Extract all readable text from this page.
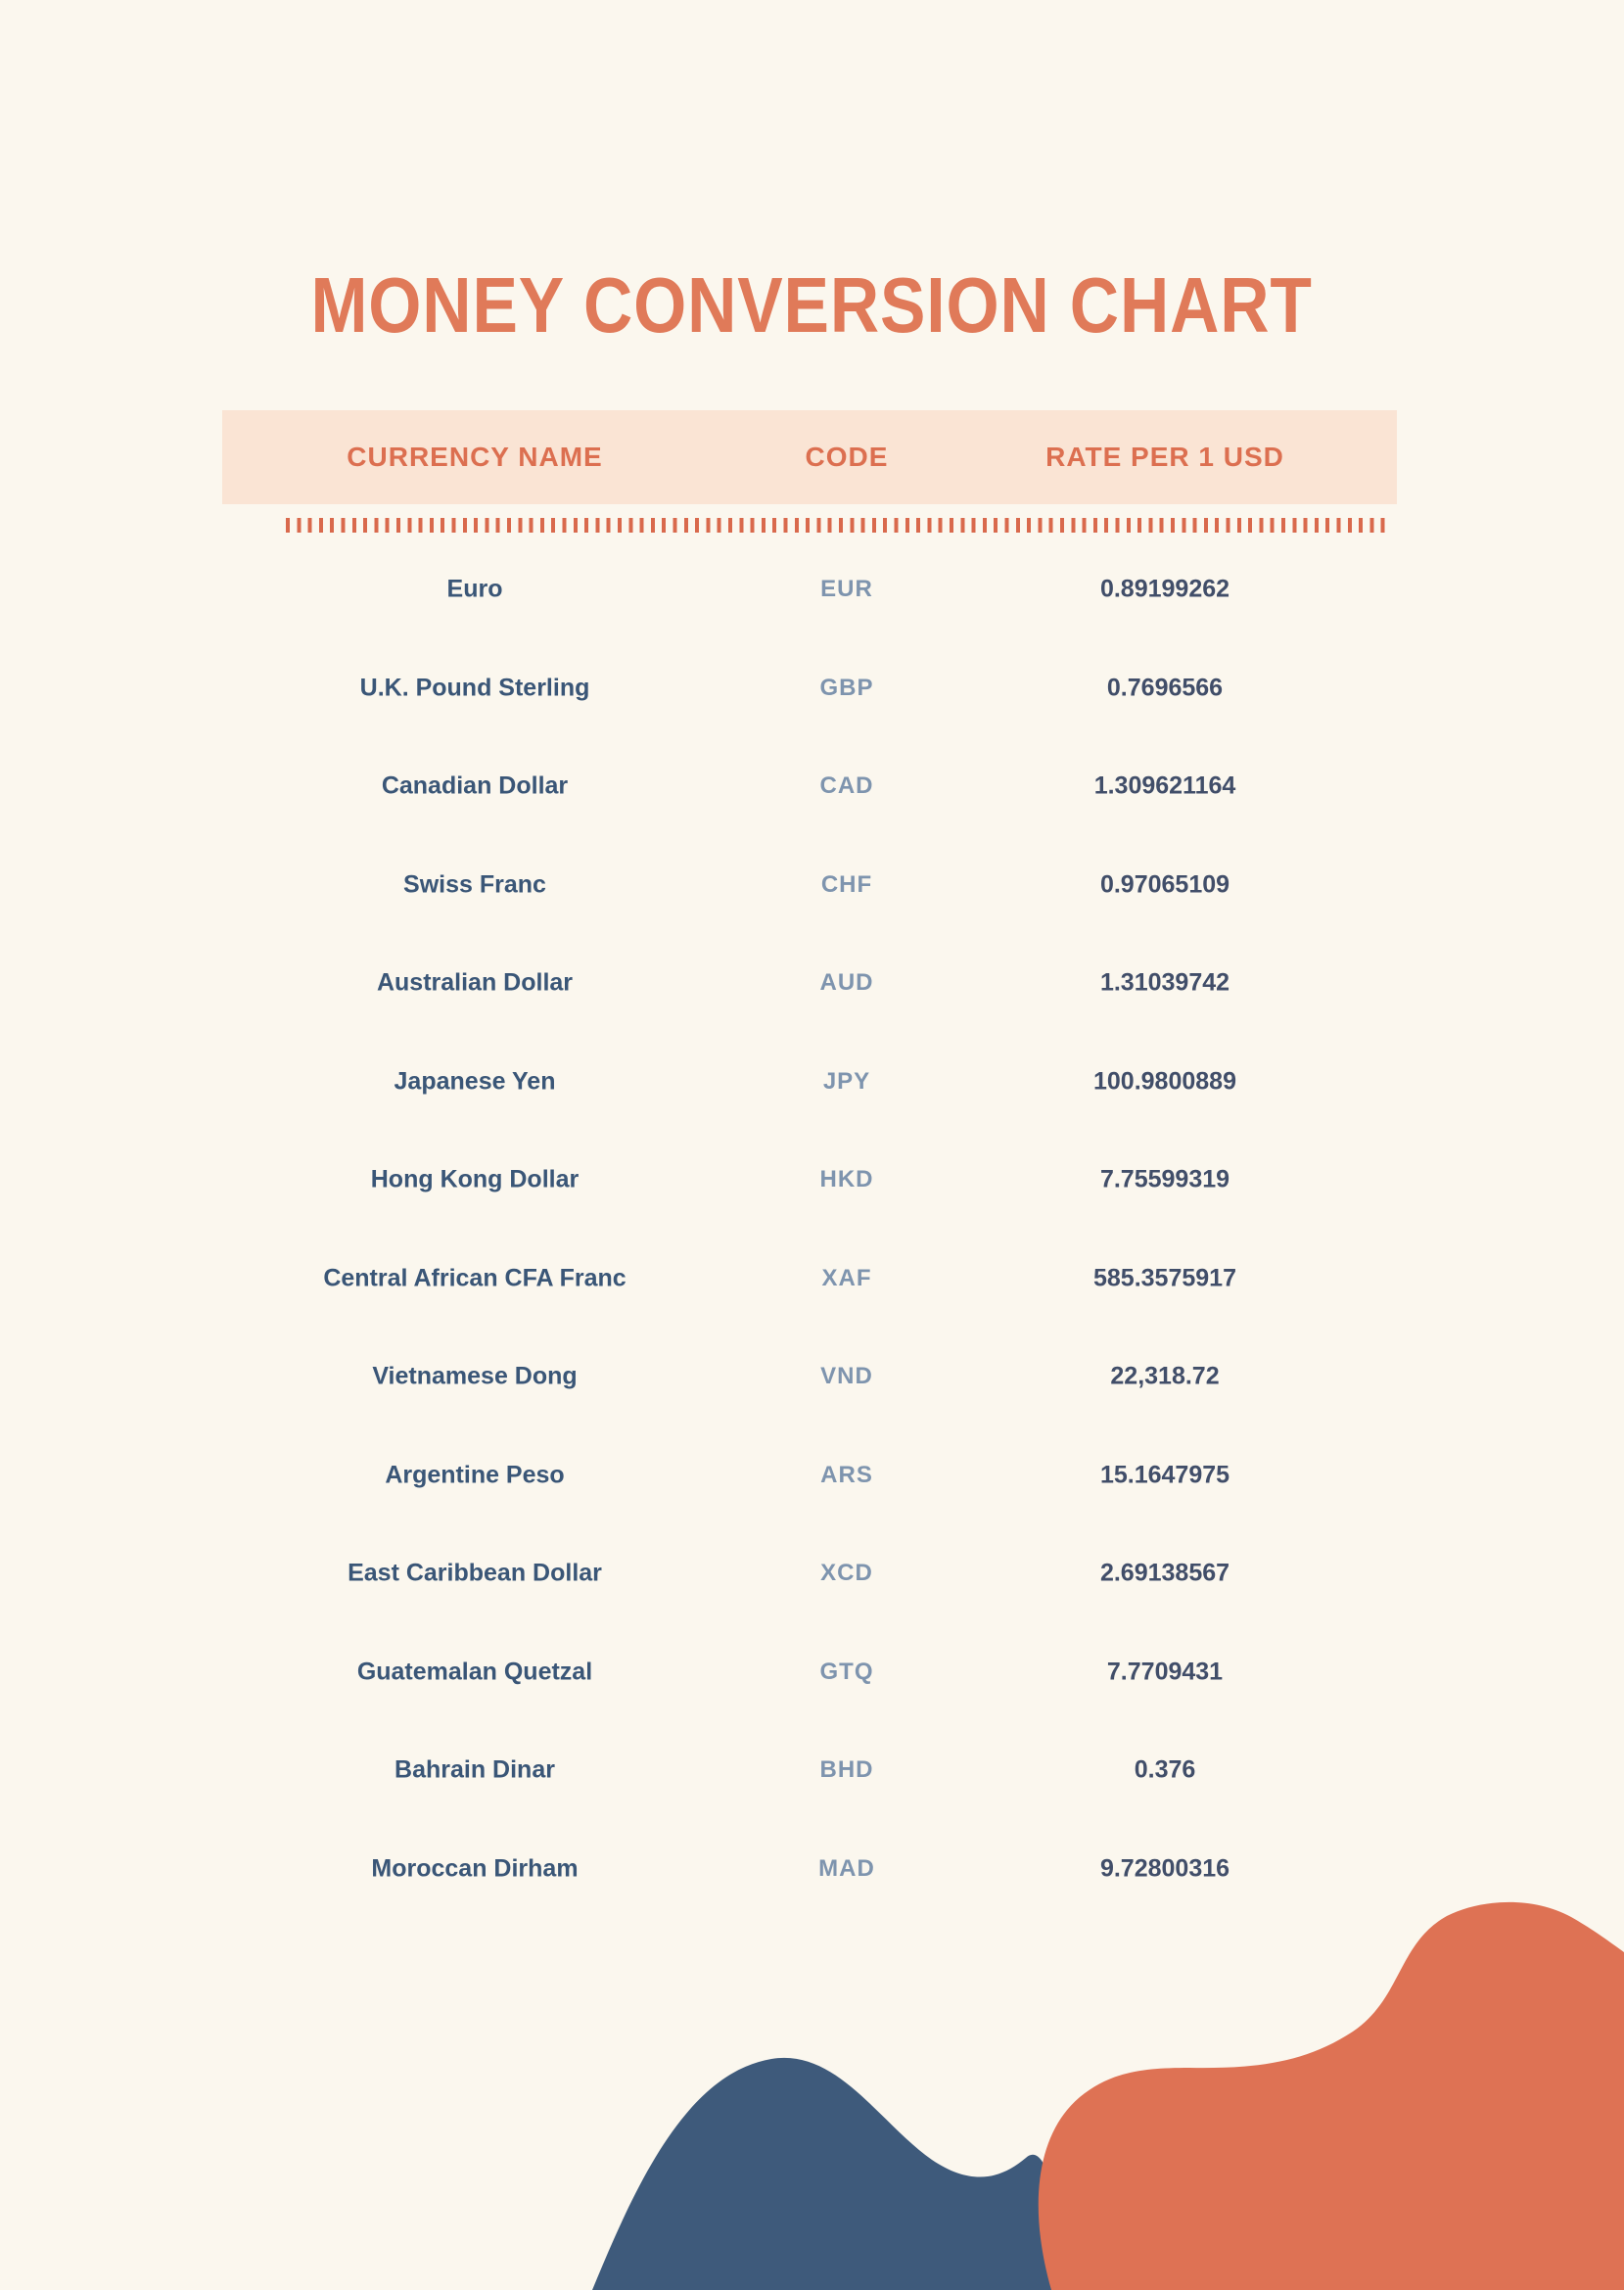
MONEY CONVERSION CHART
CURRENCY NAME	CODE	RATE PER 1 USD
Euro	EUR	0.89199262
U.K. Pound Sterling	GBP	0.7696566
Canadian Dollar	CAD	1.309621164
Swiss Franc	CHF	0.97065109
Australian Dollar	AUD	1.31039742
Japanese Yen	JPY	100.9800889
Hong Kong Dollar	HKD	7.75599319
Central African CFA Franc	XAF	585.3575917
Vietnamese Dong	VND	22,318.72
Argentine Peso	ARS	15.1647975
East Caribbean Dollar	XCD	2.69138567
Guatemalan Quetzal	GTQ	7.7709431
Bahrain Dinar	BHD	0.376
Moroccan Dirham	MAD	9.72800316
